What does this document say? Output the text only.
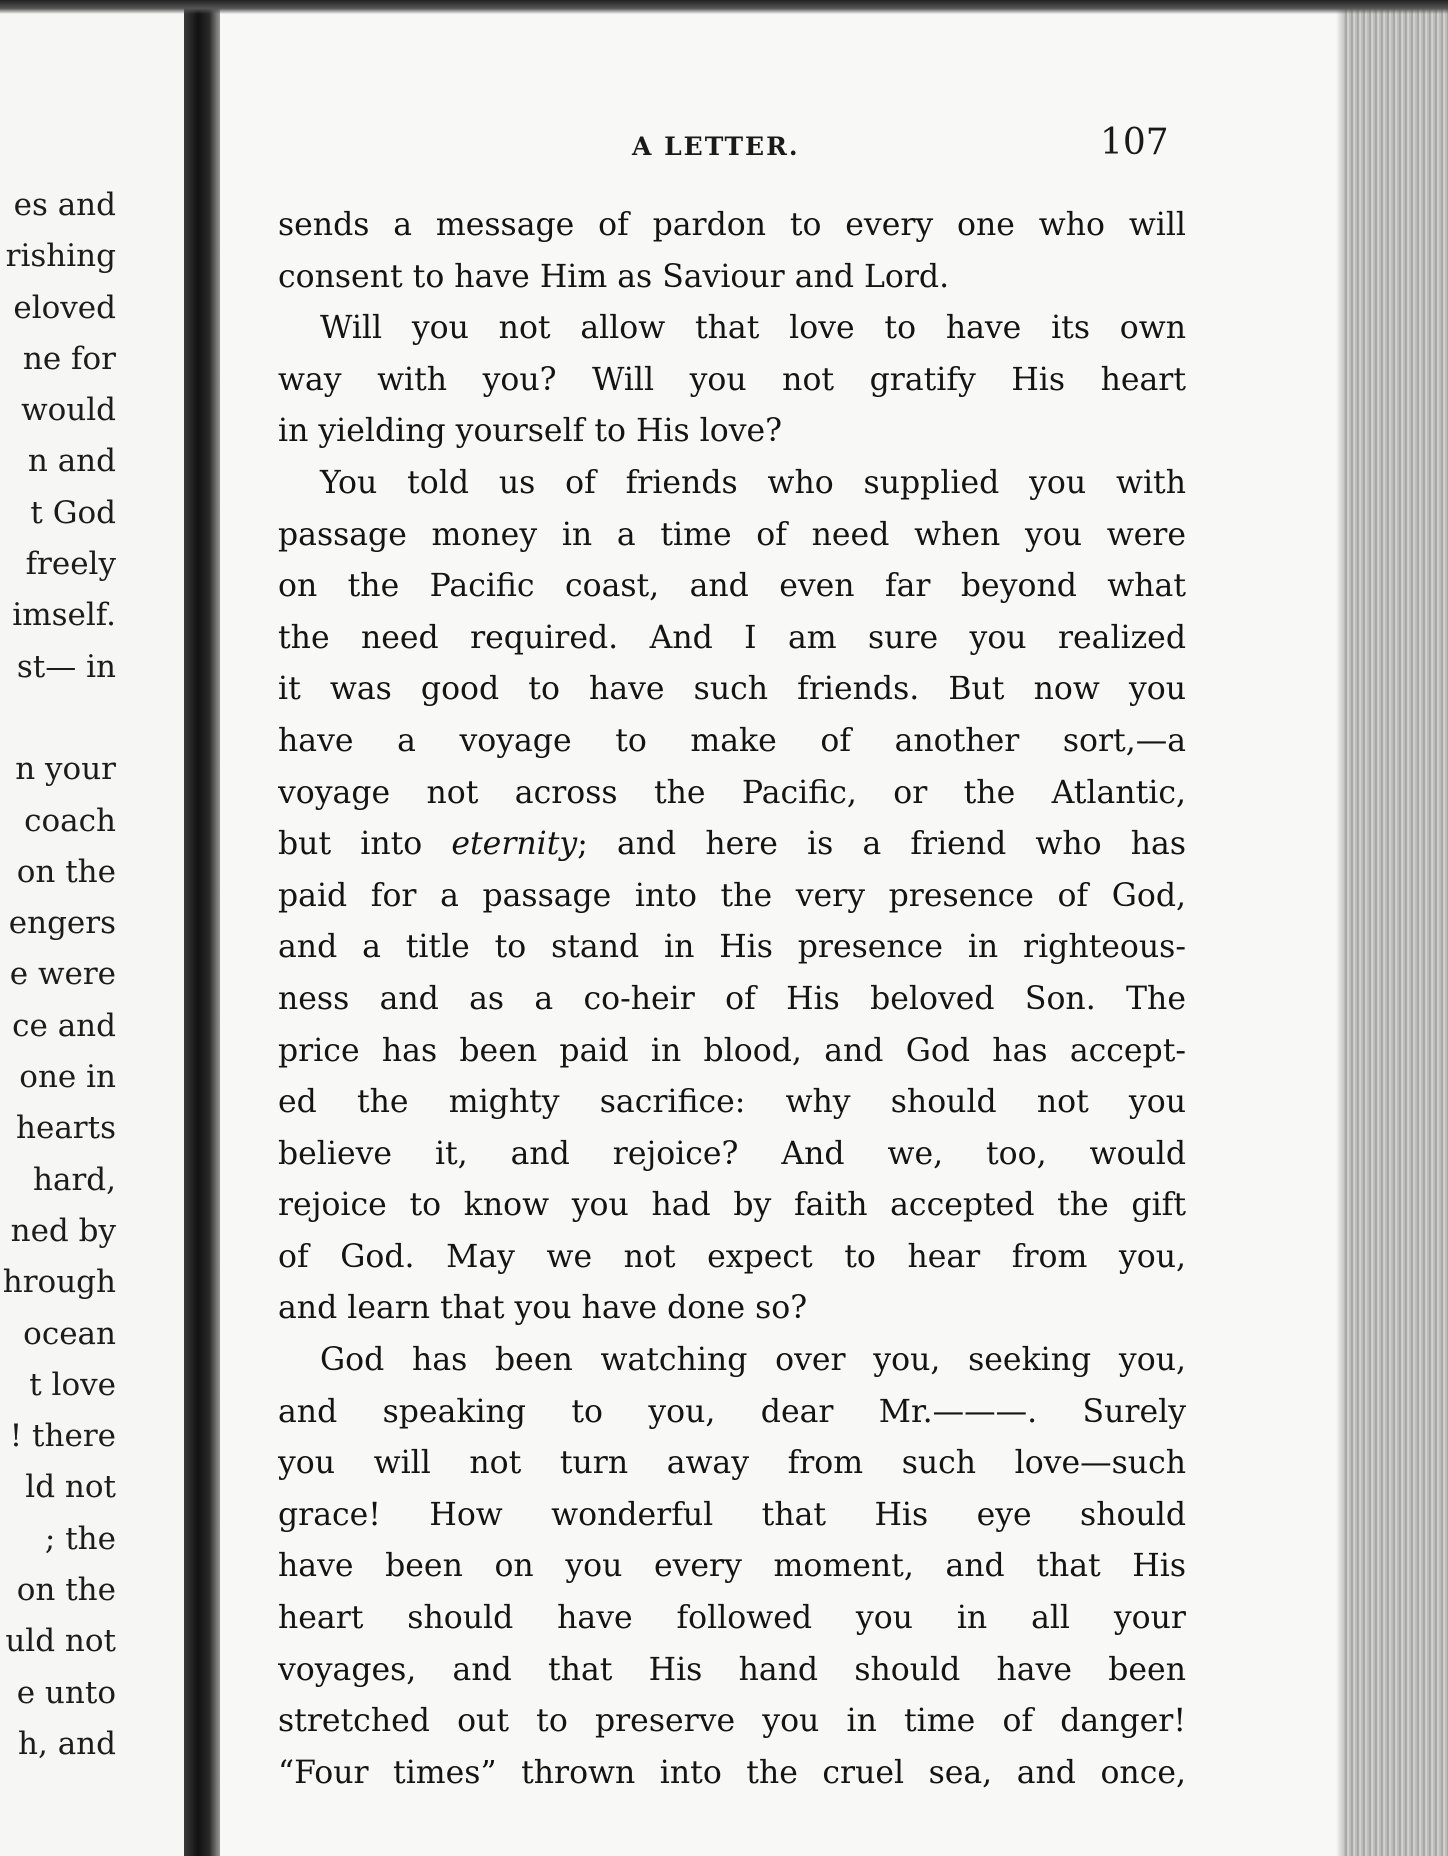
es and
rishing
eloved
ne for
would
n and
t God
freely
imself.
st— in
n your
coach
on the
engers
e were
ce and
one in
hearts
hard,
ned by
hrough
ocean
t love
! there
ld not
; the
on the
uld not
e unto
h, and
A LETTER.	107
sends a message of pardon to every one who will
consent to have Him as Saviour and Lord.
Will you not allow that love to have its own
way with you? Will you not gratify His heart
in yielding yourself to His love?
You told us of friends who supplied you with
passage money in a time of need when you were
on the Pacific coast, and even far beyond what
the need required. And I am sure you realized
it was good to have such friends. But now you
have a voyage to make of another sort,—a
voyage not across the Pacific, or the Atlantic,
but into eternity; and here is a friend who has
paid for a passage into the very presence of God,
and a title to stand in His presence in righteous-
ness and as a co-heir of His beloved Son. The
price has been paid in blood, and God has accept-
ed the mighty sacrifice: why should not you
believe it, and rejoice? And we, too, would
rejoice to know you had by faith accepted the gift
of God. May we not expect to hear from you,
and learn that you have done so?
God has been watching over you, seeking you,
and speaking to you, dear Mr.———. Surely
you will not turn away from such love—such
grace! How wonderful that His eye should
have been on you every moment, and that His
heart should have followed you in all your
voyages, and that His hand should have been
stretched out to preserve you in time of danger!
“Four times” thrown into the cruel sea, and once,
